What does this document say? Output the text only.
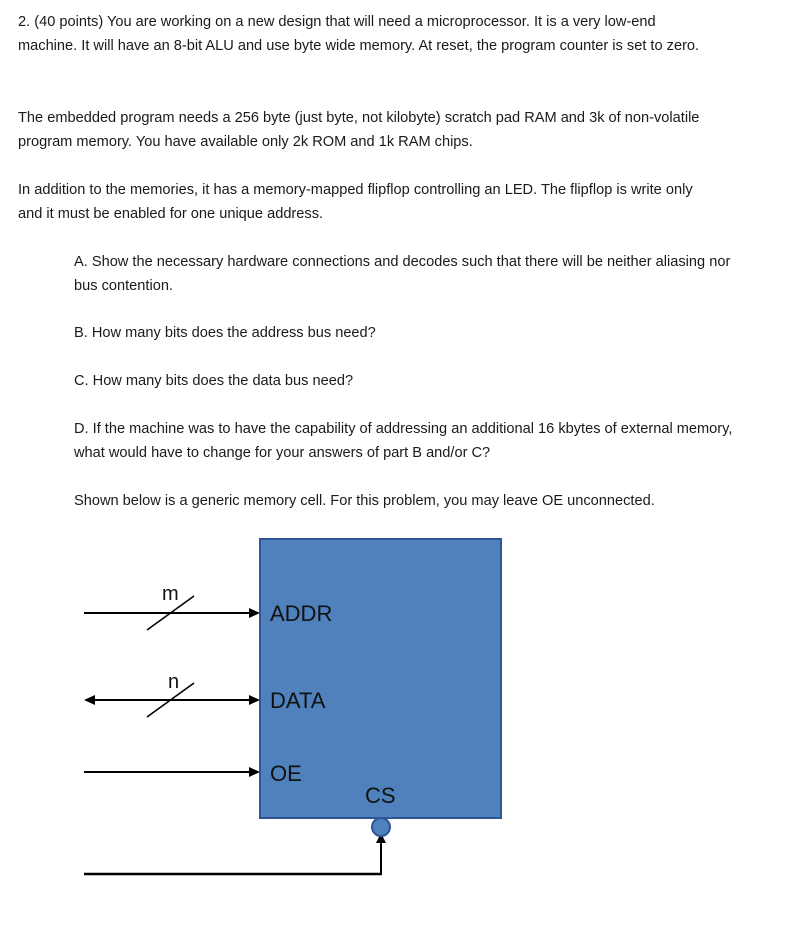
2. (40 points) You are working on a new design that will need a microprocessor. It is a very low-end machine. It will have an 8-bit ALU and use byte wide memory. At reset, the program counter is set to zero.

The embedded program needs a 256 byte (just byte, not kilobyte) scratch pad RAM and 3k of non-volatile program memory. You have available only 2k ROM and 1k RAM chips.

In addition to the memories, it has a memory-mapped flipflop controlling an LED. The flipflop is write only and it must be enabled for one unique address.

A. Show the necessary hardware connections and decodes such that there will be neither aliasing nor bus contention.

B. How many bits does the address bus need?

C. How many bits does the data bus need?

D. If the machine was to have the capability of addressing an additional 16 kbytes of external memory, what would have to change for your answers of part B and/or C?

Shown below is a generic memory cell. For this problem, you may leave OE unconnected.

m
ADDR
n
DATA
OE
CS
